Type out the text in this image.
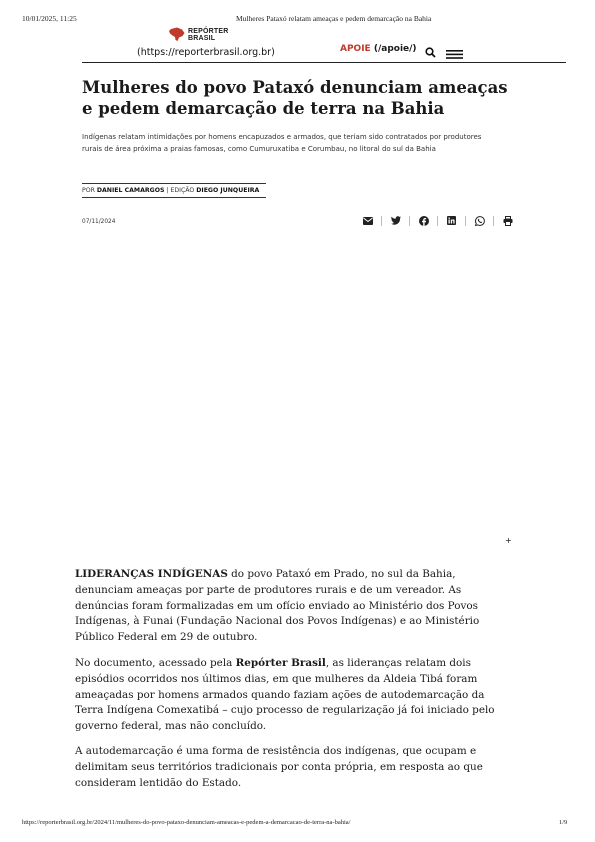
10/01/2025, 11:25	Mulheres Pataxó relatam ameaças e pedem demarcação na Bahia
REPÓRTER
BRASIL
(https://reporterbrasil.org.br)	APOIE (/apoie/)
Mulheres do povo Pataxó denunciam ameaças e pedem demarcação de terra na Bahia

Indígenas relatam intimidações por homens encapuzados e armados, que teriam sido contratados por produtores rurais de área próxima a praias famosas, como Cumuruxatiba e Corumbau, no litoral do sul da Bahia

POR DANIEL CAMARGOS | EDIÇÃO DIEGO JUNQUEIRA
07/11/2024
+

LIDERANÇAS INDÍGENAS do povo Pataxó em Prado, no sul da Bahia, denunciam ameaças por parte de produtores rurais e de um vereador. As denúncias foram formalizadas em um ofício enviado ao Ministério dos Povos Indígenas, à Funai (Fundação Nacional dos Povos Indígenas) e ao Ministério Público Federal em 29 de outubro.

No documento, acessado pela Repórter Brasil, as lideranças relatam dois episódios ocorridos nos últimos dias, em que mulheres da Aldeia Tibá foram ameaçadas por homens armados quando faziam ações de autodemarcação da Terra Indígena Comexatibá – cujo processo de regularização já foi iniciado pelo governo federal, mas não concluído.

A autodemarcação é uma forma de resistência dos indígenas, que ocupam e delimitam seus territórios tradicionais por conta própria, em resposta ao que consideram lentidão do Estado.

https://reporterbrasil.org.br/2024/11/mulheres-do-povo-pataxo-denunciam-ameacas-e-pedem-a-demarcacao-de-terra-na-bahia/	1/9
